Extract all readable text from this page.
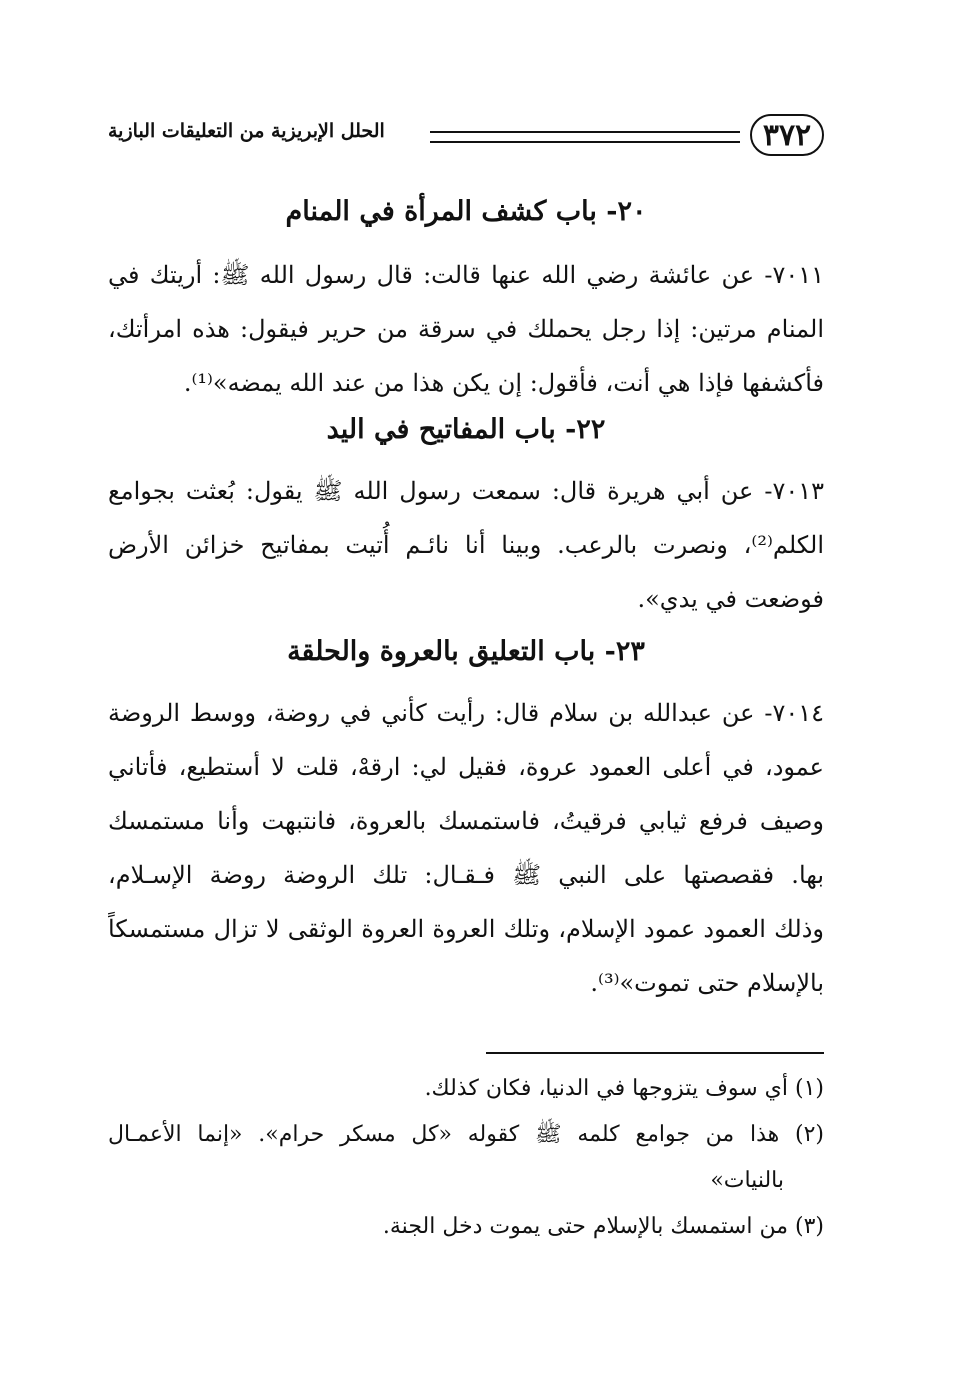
٣٧٢
الحلل الإبريزية من التعليقات البازية
٢٠- باب كشف المرأة في المنام
٧٠١١- عن عائشة رضي الله عنها قالت: قال رسول الله ﷺ: أريتك في
المنام مرتين: إذا رجل يحملك في سرقة من حرير فيقول: هذه امرأتك،
فأكشفها فإذا هي أنت، فأقول: إن يكن هذا من عند الله يمضه»⁽¹⁾.
٢٢- باب المفاتيح في اليد
٧٠١٣- عن أبي هريرة قال: سمعت رسول الله ﷺ يقول: بُعثت بجوامع
الكلم⁽²⁾، ونصرت بالرعب. وبينا أنا نائـم أُتيت بمفاتيح خزائن الأرض
فوضعت في يدي».
٢٣- باب التعليق بالعروة والحلقة
٧٠١٤- عن عبدالله بن سلام قال: رأيت كأني في روضة، ووسط الروضة
عمود، في أعلى العمود عروة، فقيل لي: ارقهْ، قلت لا أستطيع، فأتاني
وصيف فرفع ثيابي فرقيتُ، فاستمسك بالعروة، فانتبهت وأنا مستمسك
بها. فقصصتها على النبي ﷺ فـقـال: تلك الروضة روضة الإسـلام،
وذلك العمود عمود الإسلام، وتلك العروة العروة الوثقى لا تزال مستمسكاً
بالإسلام حتى تموت»⁽³⁾.
(١) أي سوف يتزوجها في الدنيا، فكان كذلك.
(٢) هذا من جوامع كلمه ﷺ كقوله «كل مسكر حرام». «إنما الأعمـال
بالنيات»
(٣) من استمسك بالإسلام حتى يموت دخل الجنة.
